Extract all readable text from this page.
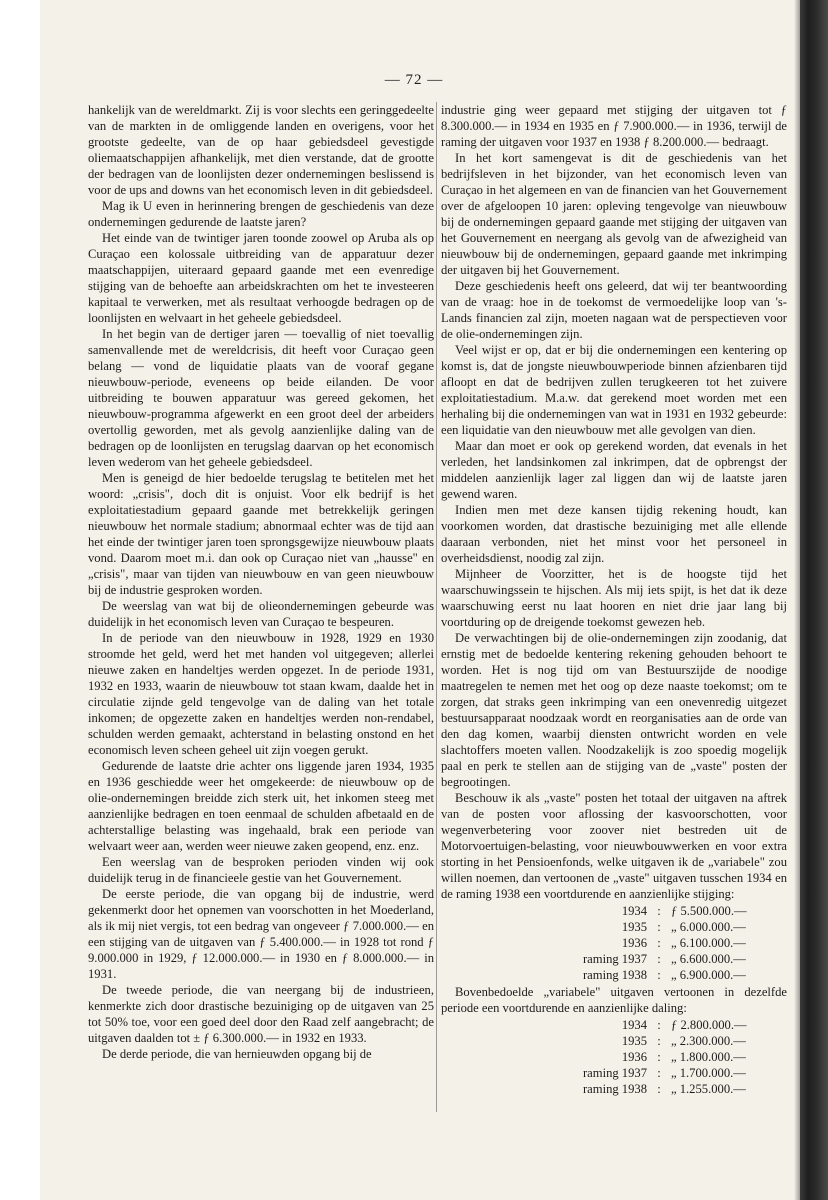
— 72 —

hankelijk van de wereldmarkt. Zij is voor slechts een geringgedeelte van de markten in de omliggende landen en overigens, voor het grootste gedeelte, van de op haar gebiedsdeel gevestigde oliemaatschappijen afhankelijk, met dien verstande, dat de grootte der bedragen van de loonlijsten dezer ondernemingen beslissend is voor de ups and downs van het economisch leven in dit gebiedsdeel.

Mag ik U even in herinnering brengen de geschiedenis van deze ondernemingen gedurende de laatste jaren?

Het einde van de twintiger jaren toonde zoowel op Aruba als op Curaçao een kolossale uitbreiding van de apparatuur dezer maatschappijen, uiteraard gepaard gaande met een evenredige stijging van de behoefte aan arbeidskrachten om het te investeeren kapitaal te verwerken, met als resultaat verhoogde bedragen op de loonlijsten en welvaart in het geheele gebiedsdeel.

In het begin van de dertiger jaren — toevallig of niet toevallig samenvallende met de wereldcrisis, dit heeft voor Curaçao geen belang — vond de liquidatie plaats van de vooraf gegane nieuwbouw-periode, eveneens op beide eilanden. De voor uitbreiding te bouwen apparatuur was gereed gekomen, het nieuwbouw-programma afgewerkt en een groot deel der arbeiders overtollig geworden, met als gevolg aanzienlijke daling van de bedragen op de loonlijsten en terugslag daarvan op het economisch leven wederom van het geheele gebiedsdeel.

Men is geneigd de hier bedoelde terugslag te betitelen met het woord: „crisis", doch dit is onjuist. Voor elk bedrijf is het exploitatiestadium gepaard gaande met betrekkelijk geringen nieuwbouw het normale stadium; abnormaal echter was de tijd aan het einde der twintiger jaren toen sprongsgewijze nieuwbouw plaats vond. Daarom moet m.i. dan ook op Curaçao niet van „hausse" en „crisis", maar van tijden van nieuwbouw en van geen nieuwbouw bij de industrie gesproken worden.

De weerslag van wat bij de olieondernemingen gebeurde was duidelijk in het economisch leven van Curaçao te bespeuren.

In de periode van den nieuwbouw in 1928, 1929 en 1930 stroomde het geld, werd het met handen vol uitgegeven; allerlei nieuwe zaken en handeltjes werden opgezet. In de periode 1931, 1932 en 1933, waarin de nieuwbouw tot staan kwam, daalde het in circulatie zijnde geld tengevolge van de daling van het totale inkomen; de opgezette zaken en handeltjes werden non-rendabel, schulden werden gemaakt, achterstand in belasting onstond en het economisch leven scheen geheel uit zijn voegen gerukt.

Gedurende de laatste drie achter ons liggende jaren 1934, 1935 en 1936 geschiedde weer het omgekeerde: de nieuwbouw op de olie-ondernemingen breidde zich sterk uit, het inkomen steeg met aanzienlijke bedragen en toen eenmaal de schulden afbetaald en de achterstallige belasting was ingehaald, brak een periode van welvaart weer aan, werden weer nieuwe zaken geopend, enz. enz.

Een weerslag van de besproken perioden vinden wij ook duidelijk terug in de financieele gestie van het Gouvernement.

De eerste periode, die van opgang bij de industrie, werd gekenmerkt door het opnemen van voorschotten in het Moederland, als ik mij niet vergis, tot een bedrag van ongeveer ƒ 7.000.000.— en een stijging van de uitgaven van ƒ 5.400.000.— in 1928 tot rond ƒ 9.000.000 in 1929, ƒ 12.000.000.— in 1930 en ƒ 8.000.000.— in 1931.

De tweede periode, die van neergang bij de industrieen, kenmerkte zich door drastische bezuiniging op de uitgaven van 25 tot 50% toe, voor een goed deel door den Raad zelf aangebracht; de uitgaven daalden tot ± ƒ 6.300.000.— in 1932 en 1933.

De derde periode, die van hernieuwden opgang bij de

industrie ging weer gepaard met stijging der uitgaven tot ƒ 8.300.000.— in 1934 en 1935 en ƒ 7.900.000.— in 1936, terwijl de raming der uitgaven voor 1937 en 1938 ƒ 8.200.000.— bedraagt.

In het kort samengevat is dit de geschiedenis van het bedrijfsleven in het bijzonder, van het economisch leven van Curaçao in het algemeen en van de financien van het Gouvernement over de afgeloopen 10 jaren: opleving tengevolge van nieuwbouw bij de ondernemingen gepaard gaande met stijging der uitgaven van het Gouvernement en neergang als gevolg van de afwezigheid van nieuwbouw bij de ondernemingen, gepaard gaande met inkrimping der uitgaven bij het Gouvernement.

Deze geschiedenis heeft ons geleerd, dat wij ter beantwoording van de vraag: hoe in de toekomst de vermoedelijke loop van 's-Lands financien zal zijn, moeten nagaan wat de perspectieven voor de olie-ondernemingen zijn.

Veel wijst er op, dat er bij die ondernemingen een kentering op komst is, dat de jongste nieuwbouwperiode binnen afzienbaren tijd afloopt en dat de bedrijven zullen terugkeeren tot het zuivere exploitatiestadium. M.a.w. dat gerekend moet worden met een herhaling bij die ondernemingen van wat in 1931 en 1932 gebeurde: een liquidatie van den nieuwbouw met alle gevolgen van dien.

Maar dan moet er ook op gerekend worden, dat evenals in het verleden, het landsinkomen zal inkrimpen, dat de opbrengst der middelen aanzienlijk lager zal liggen dan wij de laatste jaren gewend waren.

Indien men met deze kansen tijdig rekening houdt, kan voorkomen worden, dat drastische bezuiniging met alle ellende daaraan verbonden, niet het minst voor het personeel in overheidsdienst, noodig zal zijn.

Mijnheer de Voorzitter, het is de hoogste tijd het waarschuwingssein te hijschen. Als mij iets spijt, is het dat ik deze waarschuwing eerst nu laat hooren en niet drie jaar lang bij voortduring op de dreigende toekomst gewezen heb.

De verwachtingen bij de olie-ondernemingen zijn zoodanig, dat ernstig met de bedoelde kentering rekening gehouden behoort te worden. Het is nog tijd om van Bestuurszijde de noodige maatregelen te nemen met het oog op deze naaste toekomst; om te zorgen, dat straks geen inkrimping van een onevenredig uitgezet bestuursapparaat noodzaak wordt en reorganisaties aan de orde van den dag komen, waarbij diensten ontwricht worden en vele slachtoffers moeten vallen. Noodzakelijk is zoo spoedig mogelijk paal en perk te stellen aan de stijging van de „vaste" posten der begrootingen.

Beschouw ik als „vaste" posten het totaal der uitgaven na aftrek van de posten voor aflossing der kasvoorschotten, voor wegenverbetering voor zoover niet bestreden uit de Motorvoertuigen-belasting, voor nieuwbouwwerken en voor extra storting in het Pensioenfonds, welke uitgaven ik de „variabele" zou willen noemen, dan vertoonen de „vaste" uitgaven tusschen 1934 en de raming 1938 een voortdurende en aanzienlijke stijging:

1934	:	ƒ 5.500.000.—
1935	:	„ 6.000.000.—
1936	:	„ 6.100.000.—
raming 1937	:	„ 6.600.000.—
raming 1938	:	„ 6.900.000.—

Bovenbedoelde „variabele" uitgaven vertoonen in dezelfde periode een voortdurende en aanzienlijke daling:

1934	:	ƒ 2.800.000.—
1935	:	„ 2.300.000.—
1936	:	„ 1.800.000.—
raming 1937	:	„ 1.700.000.—
raming 1938	:	„ 1.255.000.—
